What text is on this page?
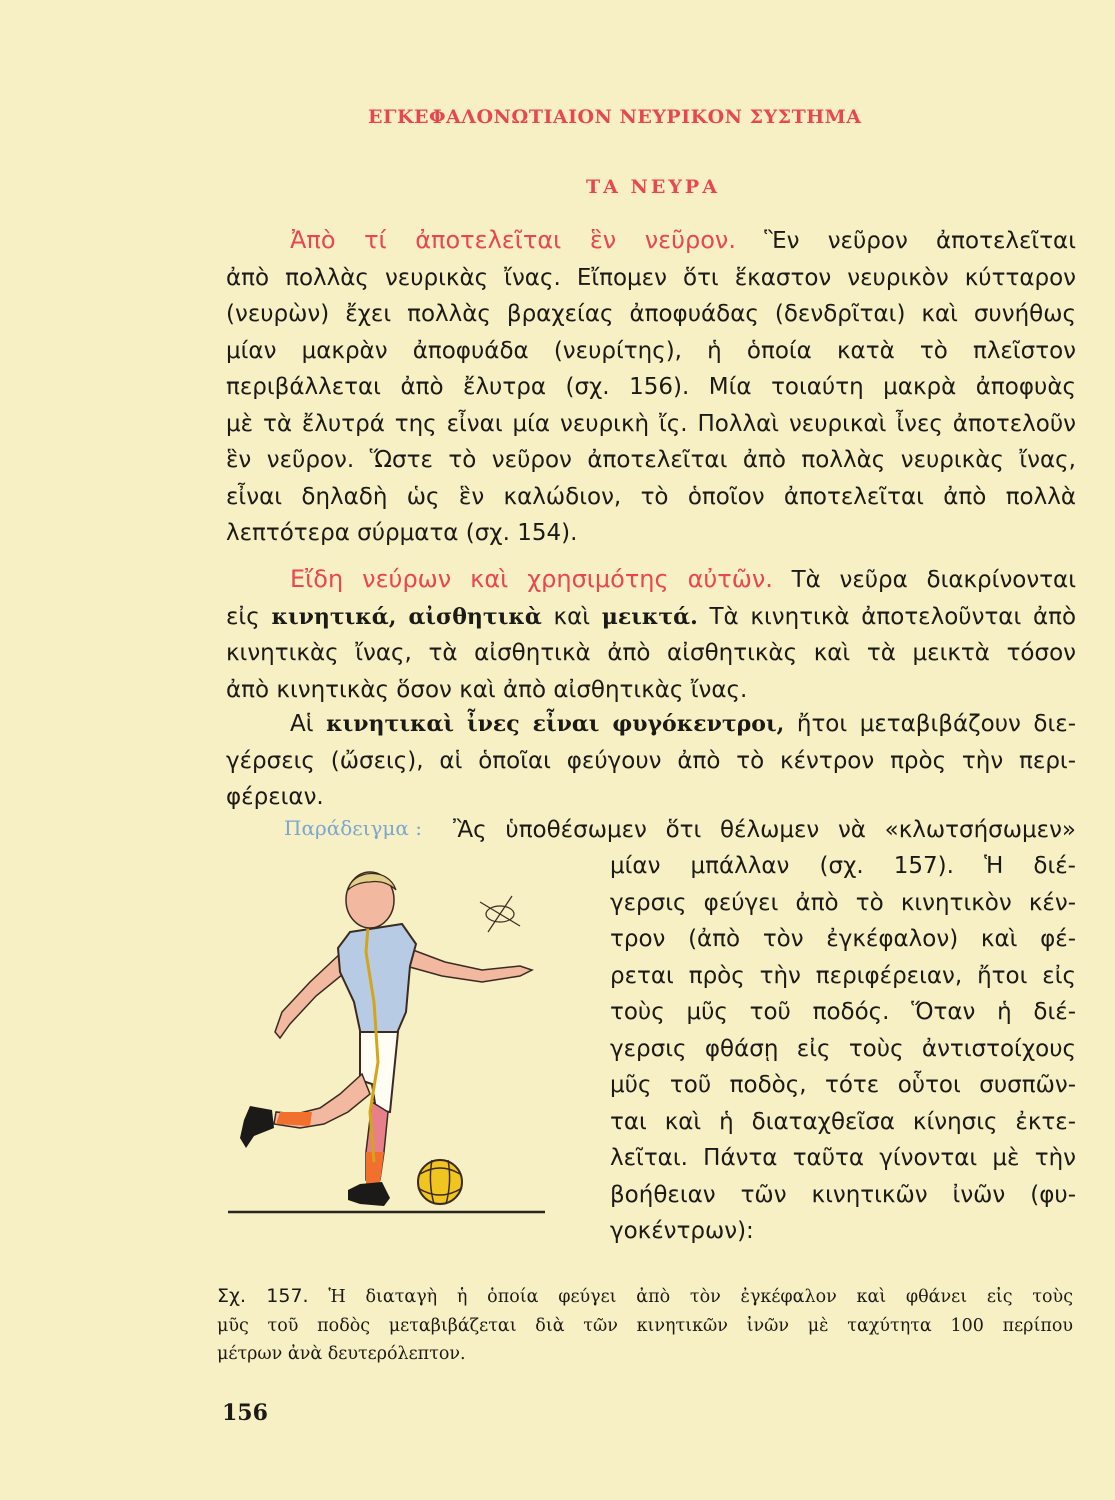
ΕΓΚΕΦΑΛΟΝΩΤΙΑΙΟΝ ΝΕΥΡΙΚΟΝ ΣΥΣΤΗΜΑ
ΤΑ ΝΕΥΡΑ
Ἀπὸ τί ἀποτελεῖται ἓν νεῦρον. Ἓν νεῦρον ἀποτελεῖται
ἀπὸ πολλὰς νευρικὰς ἴνας. Εἴπομεν ὅτι ἕκαστον νευρικὸν κύτταρον
(νευρὼν) ἔχει πολλὰς βραχείας ἀποφυάδας (δενδρῖται) καὶ συνήθως
μίαν μακρὰν ἀποφυάδα (νευρίτης), ἡ ὁποία κατὰ τὸ πλεῖστον
περιβάλλεται ἀπὸ ἔλυτρα (σχ. 156). Μία τοιαύτη μακρὰ ἀποφυὰς
μὲ τὰ ἔλυτρά της εἶναι μία νευρικὴ ἴς. Πολλαὶ νευρικαὶ ἶνες ἀποτελοῦν
ἓν νεῦρον. Ὥστε τὸ νεῦρον ἀποτελεῖται ἀπὸ πολλὰς νευρικὰς ἴνας,
εἶναι δηλαδὴ ὡς ἓν καλώδιον, τὸ ὁποῖον ἀποτελεῖται ἀπὸ πολλὰ
λεπτότερα σύρματα (σχ. 154).
Εἴδη νεύρων καὶ χρησιμότης αὐτῶν. Τὰ νεῦρα διακρίνονται
εἰς κινητικά, αἰσθητικὰ καὶ μεικτά. Τὰ κινητικὰ ἀποτελοῦνται ἀπὸ
κινητικὰς ἴνας, τὰ αἰσθητικὰ ἀπὸ αἰσθητικὰς καὶ τὰ μεικτὰ τόσον
ἀπὸ κινητικὰς ὅσον καὶ ἀπὸ αἰσθητικὰς ἴνας.
Αἱ κινητικαὶ ἶνες εἶναι φυγόκεντροι, ἤτοι μεταβιβάζουν διε-
γέρσεις (ὤσεις), αἱ ὁποῖαι φεύγουν ἀπὸ τὸ κέντρον πρὸς τὴν περι-
φέρειαν.
Παράδειγμα : Ἂς ὑποθέσωμεν ὅτι θέλωμεν νὰ «κλωτσήσωμεν»
μίαν μπάλλαν (σχ. 157). Ἡ διέ-
γερσις φεύγει ἀπὸ τὸ κινητικὸν κέν-
τρον (ἀπὸ τὸν ἐγκέφαλον) καὶ φέ-
ρεται πρὸς τὴν περιφέρειαν, ἤτοι εἰς
τοὺς μῦς τοῦ ποδός. Ὅταν ἡ διέ-
γερσις φθάσῃ εἰς τοὺς ἀντιστοίχους
μῦς τοῦ ποδὸς, τότε οὗτοι συσπῶν-
ται καὶ ἡ διαταχθεῖσα κίνησις ἐκτε-
λεῖται. Πάντα ταῦτα γίνονται μὲ τὴν
βοήθειαν τῶν κινητικῶν ἰνῶν (φυ-
γοκέντρων):
Σχ. 157. Ἡ διαταγὴ ἡ ὁποία φεύγει ἀπὸ τὸν ἐγκέφαλον καὶ φθάνει εἰς τοὺς
μῦς τοῦ ποδὸς μεταβιβάζεται διὰ τῶν κινητικῶν ἰνῶν μὲ ταχύτητα 100 περίπου
μέτρων ἀνὰ δευτερόλεπτον.
156
